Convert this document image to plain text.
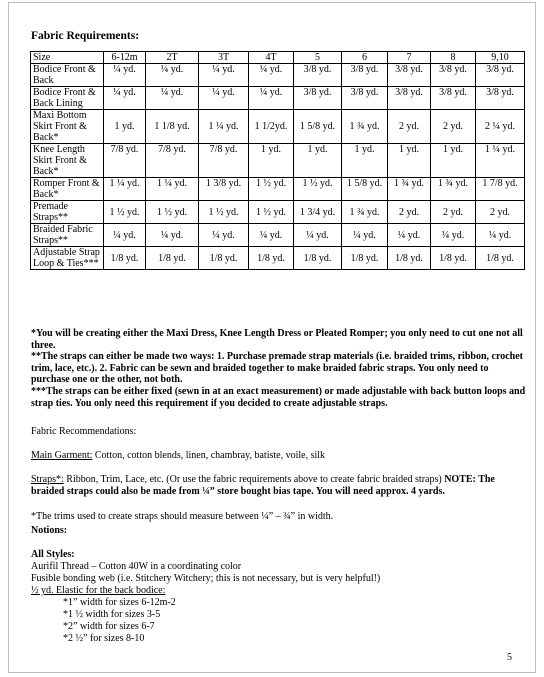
Fabric Requirements:
Size	6-12m	2T	3T	4T	5	6	7	8	9,10
Bodice Front & Back	¼ yd.	¼ yd.	¼ yd.	¼ yd.	3/8 yd.	3/8 yd.	3/8 yd.	3/8 yd.	3/8 yd.
Bodice Front & Back Lining	¼ yd.	¼ yd.	¼ yd.	¼ yd.	3/8 yd.	3/8 yd.	3/8 yd.	3/8 yd.	3/8 yd.
Maxi Bottom Skirt Front & Back*	1 yd.	1 1/8 yd.	1 ¼ yd.	1 1/2yd.	1 5/8 yd.	1 ¾ yd.	2 yd.	2 yd.	2 ¼ yd.
Knee Length Skirt Front & Back*	7/8 yd.	7/8 yd.	7/8 yd.	1 yd.	1 yd.	1 yd.	1 yd.	1 yd.	1 ¼ yd.
Romper Front & Back*	1 ¼ yd.	1 ¼ yd.	1 3/8 yd.	1 ½ yd.	1 ½ yd.	1 5/8 yd.	1 ¾ yd.	1 ¾ yd.	1 7/8 yd.
Premade Straps**	1 ½ yd.	1 ½ yd.	1 ½ yd.	1 ½ yd.	1 3/4 yd.	1 ¾ yd.	2 yd.	2 yd.	2 yd.
Braided Fabric Straps**	¼ yd.	¼ yd.	¼ yd.	¼ yd.	¼ yd.	¼ yd.	¼ yd.	¼ yd.	¼ yd.
Adjustable Strap Loop & Ties***	1/8 yd.	1/8 yd.	1/8 yd.	1/8 yd.	1/8 yd.	1/8 yd.	1/8 yd.	1/8 yd.	1/8 yd.
*You will be creating either the Maxi Dress, Knee Length Dress or Pleated Romper; you only need to cut one not all three.
**The straps can either be made two ways: 1. Purchase premade strap materials (i.e. braided trims, ribbon, crochet trim, lace, etc.). 2. Fabric can be sewn and braided together to make braided fabric straps. You only need to purchase one or the other, not both.
***The straps can be either fixed (sewn in at an exact measurement) or made adjustable with back button loops and strap ties. You only need this requirement if you decided to create adjustable straps.
Fabric Recommendations:
Main Garment: Cotton, cotton blends, linen, chambray, batiste, voile, silk
Straps*: Ribbon, Trim, Lace, etc. (Or use the fabric requirements above to create fabric braided straps) NOTE: The braided straps could also be made from ¼” store bought bias tape. You will need approx. 4 yards.
*The trims used to create straps should measure between ¼” – ¾” in width.
Notions:
All Styles:
Aurifil Thread – Cotton 40W in a coordinating color
Fusible bonding web (i.e. Stitchery Witchery; this is not necessary, but is very helpful!)
½ yd. Elastic for the back bodice:
*1” width for sizes 6-12m-2
*1 ½ width for sizes 3-5
*2” width for sizes 6-7
*2 ½” for sizes 8-10
5
